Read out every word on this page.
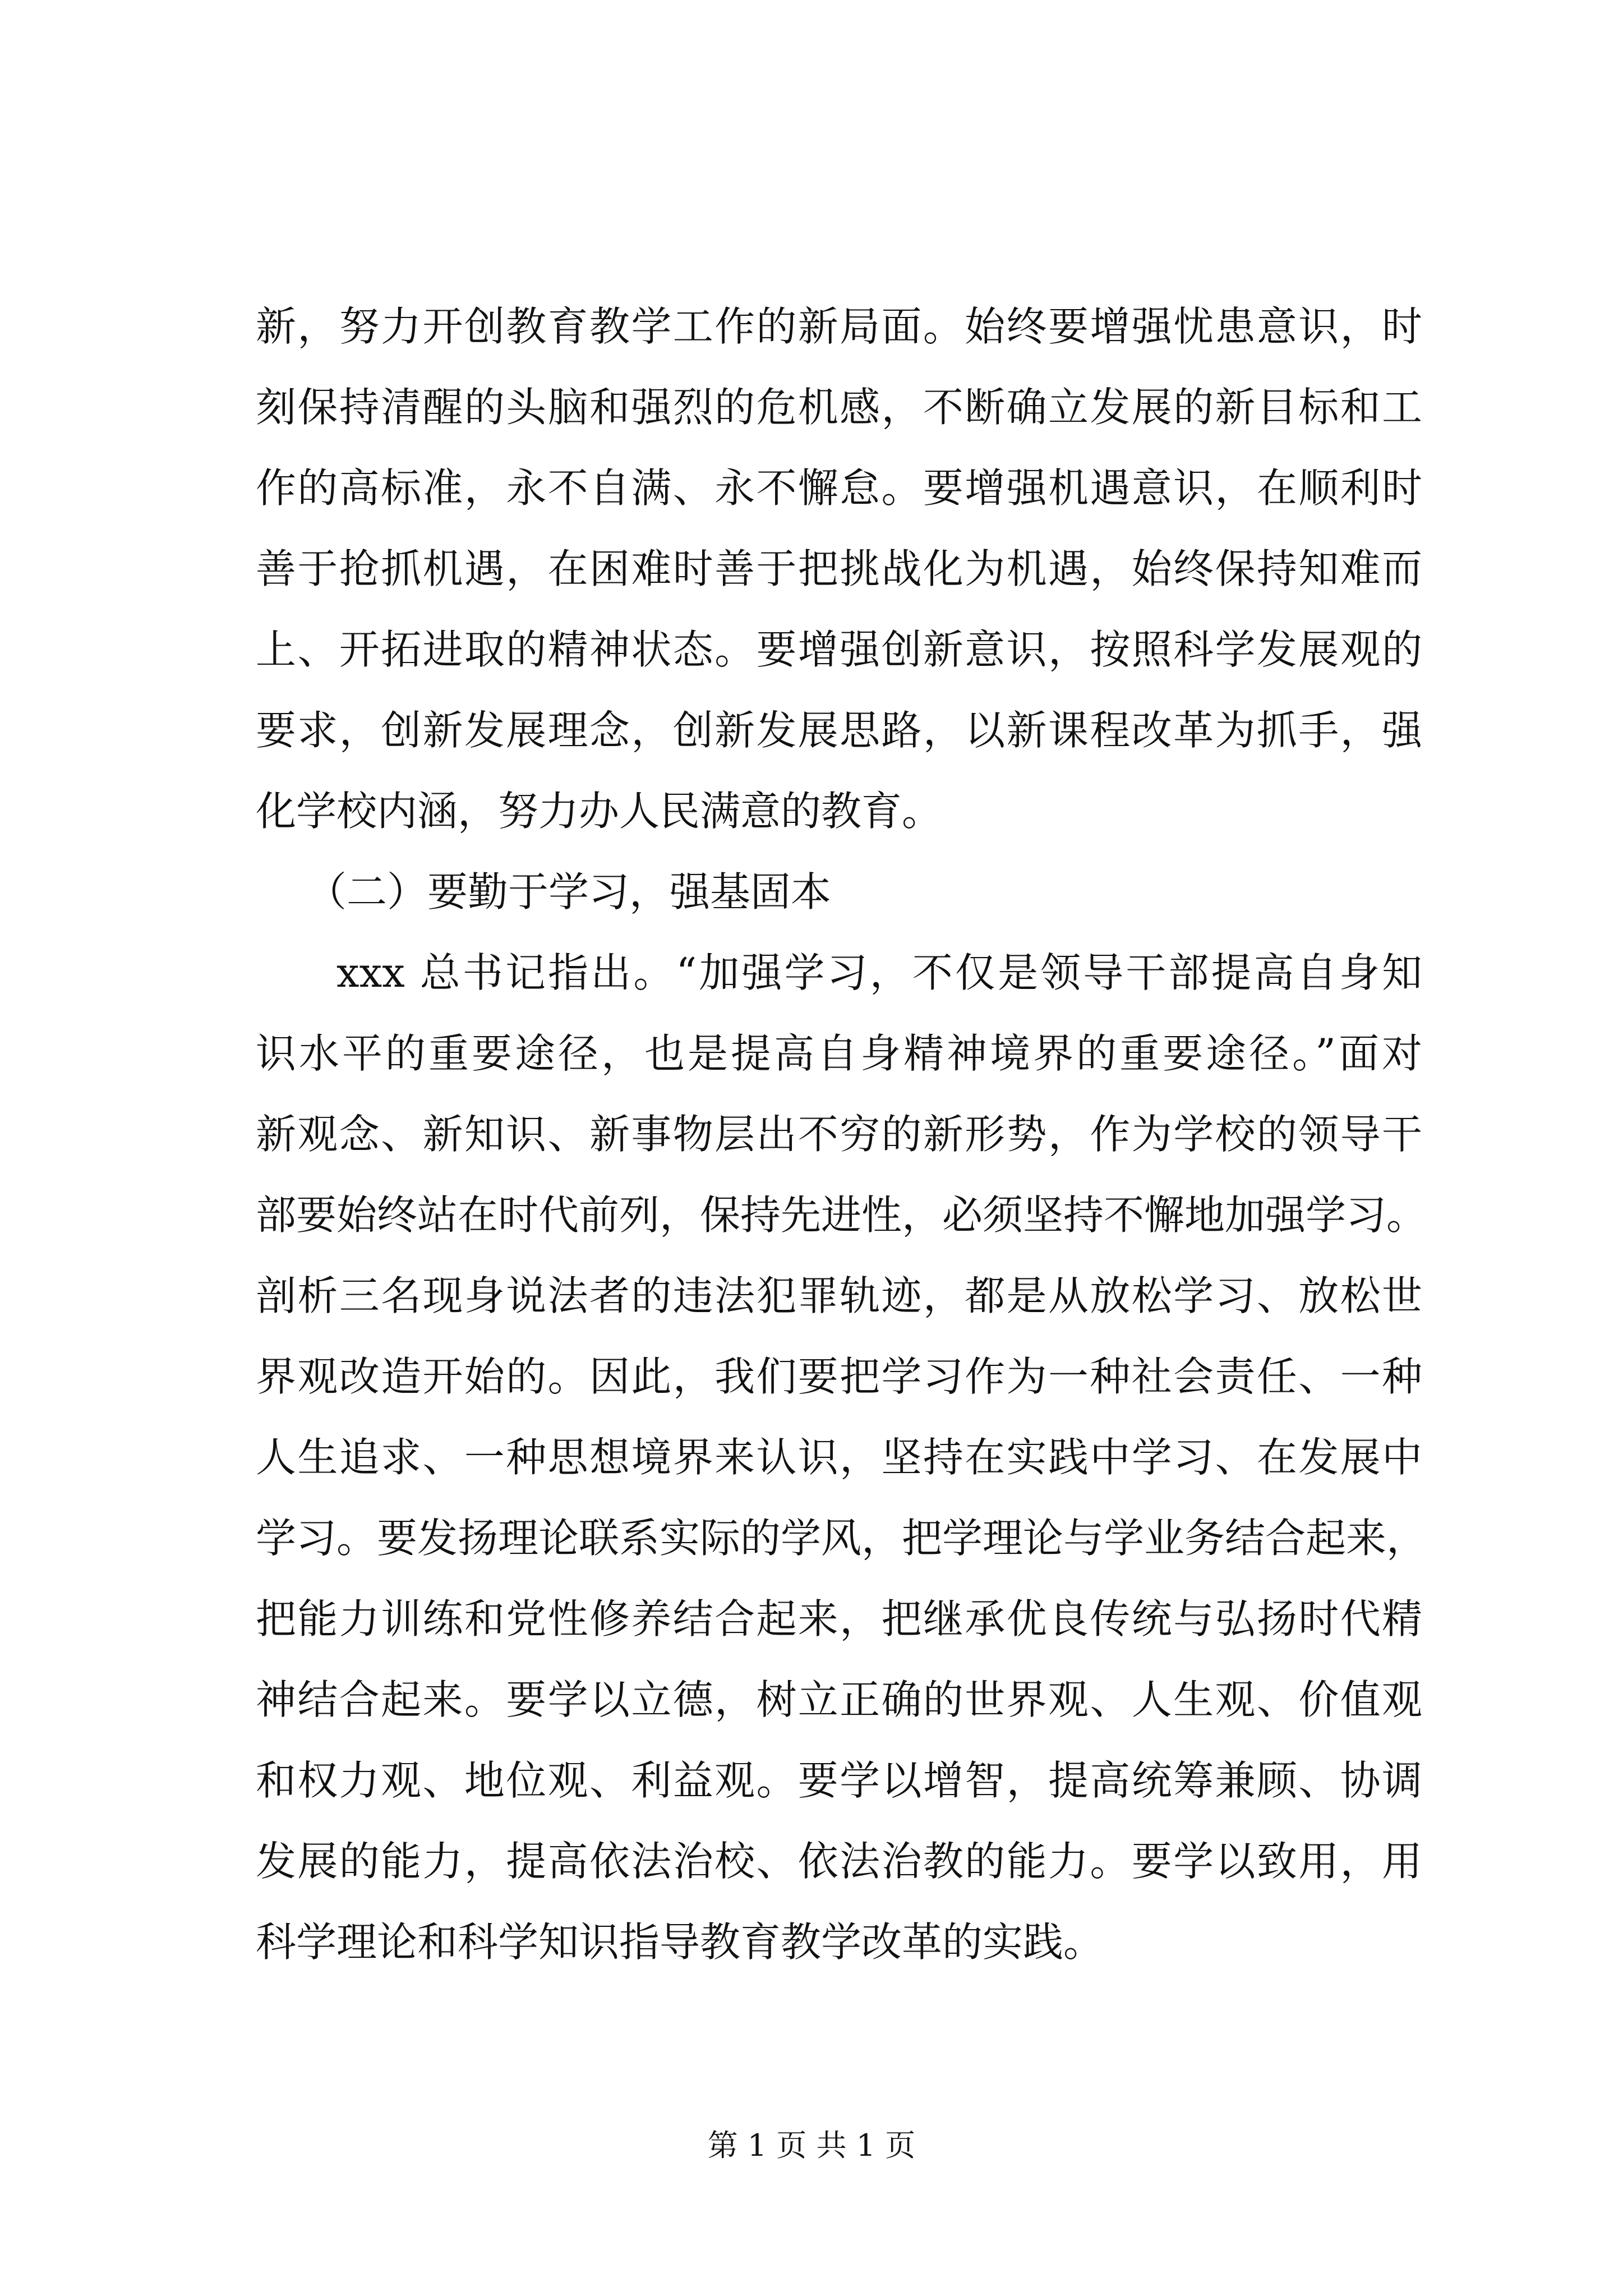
新，努力开创教育教学工作的新局面。始终要增强忧患意识，时
刻保持清醒的头脑和强烈的危机感，不断确立发展的新目标和工
作的高标准，永不自满、永不懈怠。要增强机遇意识，在顺利时
善于抢抓机遇，在困难时善于把挑战化为机遇，始终保持知难而
上、开拓进取的精神状态。要增强创新意识，按照科学发展观的
要求，创新发展理念，创新发展思路，以新课程改革为抓手，强
化学校内涵，努力办人民满意的教育。
（二）要勤于学习，强基固本
xxx 总书记指出。“加强学习，不仅是领导干部提高自身知
识水平的重要途径，也是提高自身精神境界的重要途径。”面对
新观念、新知识、新事物层出不穷的新形势，作为学校的领导干
部要始终站在时代前列，保持先进性，必须坚持不懈地加强学习。
剖析三名现身说法者的违法犯罪轨迹，都是从放松学习、放松世
界观改造开始的。因此，我们要把学习作为一种社会责任、一种
人生追求、一种思想境界来认识，坚持在实践中学习、在发展中
学习。要发扬理论联系实际的学风，把学理论与学业务结合起来，
把能力训练和党性修养结合起来，把继承优良传统与弘扬时代精
神结合起来。要学以立德，树立正确的世界观、人生观、价值观
和权力观、地位观、利益观。要学以增智，提高统筹兼顾、协调
发展的能力，提高依法治校、依法治教的能力。要学以致用，用
科学理论和科学知识指导教育教学改革的实践。
第 1 页 共 1 页
